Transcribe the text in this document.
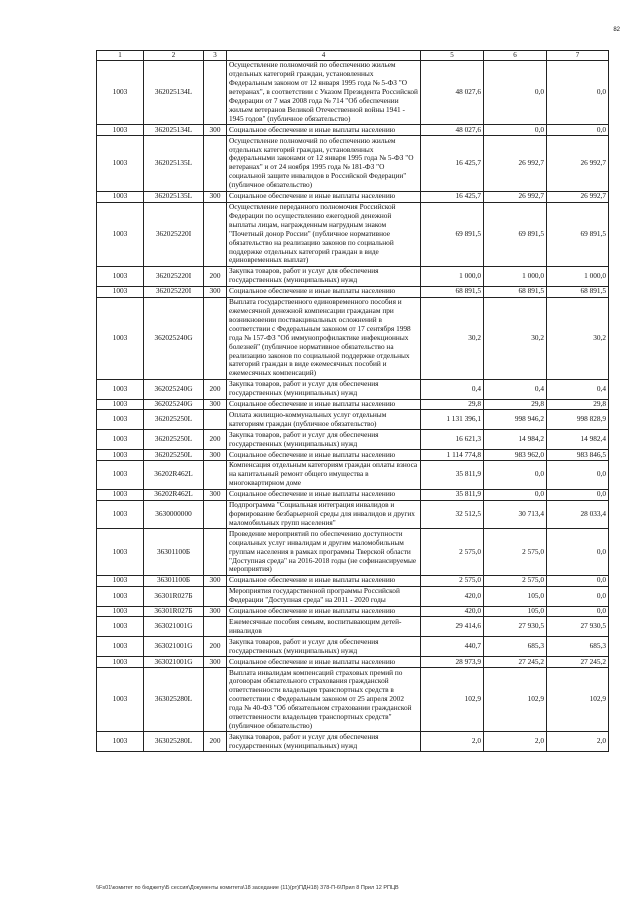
82
1	2	3	4	5	6	7
1003	362025134L		Осуществление полномочий по обеспечению жильем отдельных категорий граждан, установленных Федеральным законом от 12 января 1995 года № 5-ФЗ "О ветеранах", в соответствии с Указом Президента Российской Федерации от 7 мая 2008 года № 714 "Об обеспечении жильем ветеранов Великой Отечественной войны 1941 - 1945 годов" (публичное обязательство)	48 027,6	0,0	0,0
1003	362025134L	300	Социальное обеспечение и иные выплаты населению	48 027,6	0,0	0,0
1003	362025135L		Осуществление полномочий по обеспечению жильем отдельных категорий граждан, установленных федеральными законами от 12 января 1995 года № 5-ФЗ "О ветеранах" и от 24 ноября 1995 года № 181-ФЗ "О социальной защите инвалидов в Российской Федерации" (публичное обязательство)	16 425,7	26 992,7	26 992,7
1003	362025135L	300	Социальное обеспечение и иные выплаты населению	16 425,7	26 992,7	26 992,7
1003	362025220I		Осуществление переданного полномочия Российской Федерации по осуществлению ежегодной денежной выплаты лицам, награжденным нагрудным знаком "Почетный донор России" (публичное нормативное обязательство на реализацию законов по социальной поддержке отдельных категорий граждан в виде единовременных выплат)	69 891,5	69 891,5	69 891,5
1003	362025220I	200	Закупка товаров, работ и услуг для обеспечения государственных (муниципальных) нужд	1 000,0	1 000,0	1 000,0
1003	362025220I	300	Социальное обеспечение и иные выплаты населению	68 891,5	68 891,5	68 891,5
1003	362025240G		Выплата государственного единовременного пособия и ежемесячной денежной компенсации гражданам при возникновении поствакцинальных осложнений в соответствии с Федеральным законом от 17 сентября 1998 года № 157-ФЗ "Об иммунопрофилактике инфекционных болезней" (публичное нормативное обязательство на реализацию законов по социальной поддержке отдельных категорий граждан в виде ежемесячных пособий и ежемесячных компенсаций)	30,2	30,2	30,2
1003	362025240G	200	Закупка товаров, работ и услуг для обеспечения государственных (муниципальных) нужд	0,4	0,4	0,4
1003	362025240G	300	Социальное обеспечение и иные выплаты населению	29,8	29,8	29,8
1003	362025250L		Оплата жилищно-коммунальных услуг отдельным категориям граждан (публичное обязательство)	1 131 396,1	998 946,2	998 828,9
1003	362025250L	200	Закупка товаров, работ и услуг для обеспечения государственных (муниципальных) нужд	16 621,3	14 984,2	14 982,4
1003	362025250L	300	Социальное обеспечение и иные выплаты населению	1 114 774,8	983 962,0	983 846,5
1003	36202R462L		Компенсация отдельным категориям граждан оплаты взноса на капитальный ремонт общего имущества в многоквартирном доме	35 811,9	0,0	0,0
1003	36202R462L	300	Социальное обеспечение и иные выплаты населению	35 811,9	0,0	0,0
1003	3630000000		Подпрограмма "Социальная интеграция инвалидов и формирование безбарьерной среды для инвалидов и других маломобильных групп населения"	32 512,5	30 713,4	28 033,4
1003	36301100Б		Проведение мероприятий по обеспечению доступности социальных услуг инвалидам и другим маломобильным группам населения в рамках программы Тверской области "Доступная среда" на 2016-2018 годы (не софинансируемые мероприятия)	2 575,0	2 575,0	0,0
1003	36301100Б	300	Социальное обеспечение и иные выплаты населению	2 575,0	2 575,0	0,0
1003	36301R027Б		Мероприятия государственной программы Российской Федерации "Доступная среда" на 2011 - 2020 годы	420,0	105,0	0,0
1003	36301R027Б	300	Социальное обеспечение и иные выплаты населению	420,0	105,0	0,0
1003	363021001G		Ежемесячные пособия семьям, воспитывающим детей-инвалидов	29 414,6	27 930,5	27 930,5
1003	363021001G	200	Закупка товаров, работ и услуг для обеспечения государственных (муниципальных) нужд	440,7	685,3	685,3
1003	363021001G	300	Социальное обеспечение и иные выплаты населению	28 973,9	27 245,2	27 245,2
1003	363025280L		Выплата инвалидам компенсаций страховых премий по договорам обязательного страхования гражданской ответственности владельцев транспортных средств в соответствии с Федеральным законом от 25 апреля 2002 года № 40-ФЗ "Об обязательном страховании гражданской ответственности владельцев транспортных средств" (публичное обязательство)	102,9	102,9	102,9
1003	363025280L	200	Закупка товаров, работ и услуг для обеспечения государственных (муниципальных) нужд	2,0	2,0	2,0
\\Fs01\комитет по бюджету\Б сессия\Документы комитета\18 заседание (11)(рт)ПДН18) 378-П-6\Прил 8 Прил 12 РПЦВ
